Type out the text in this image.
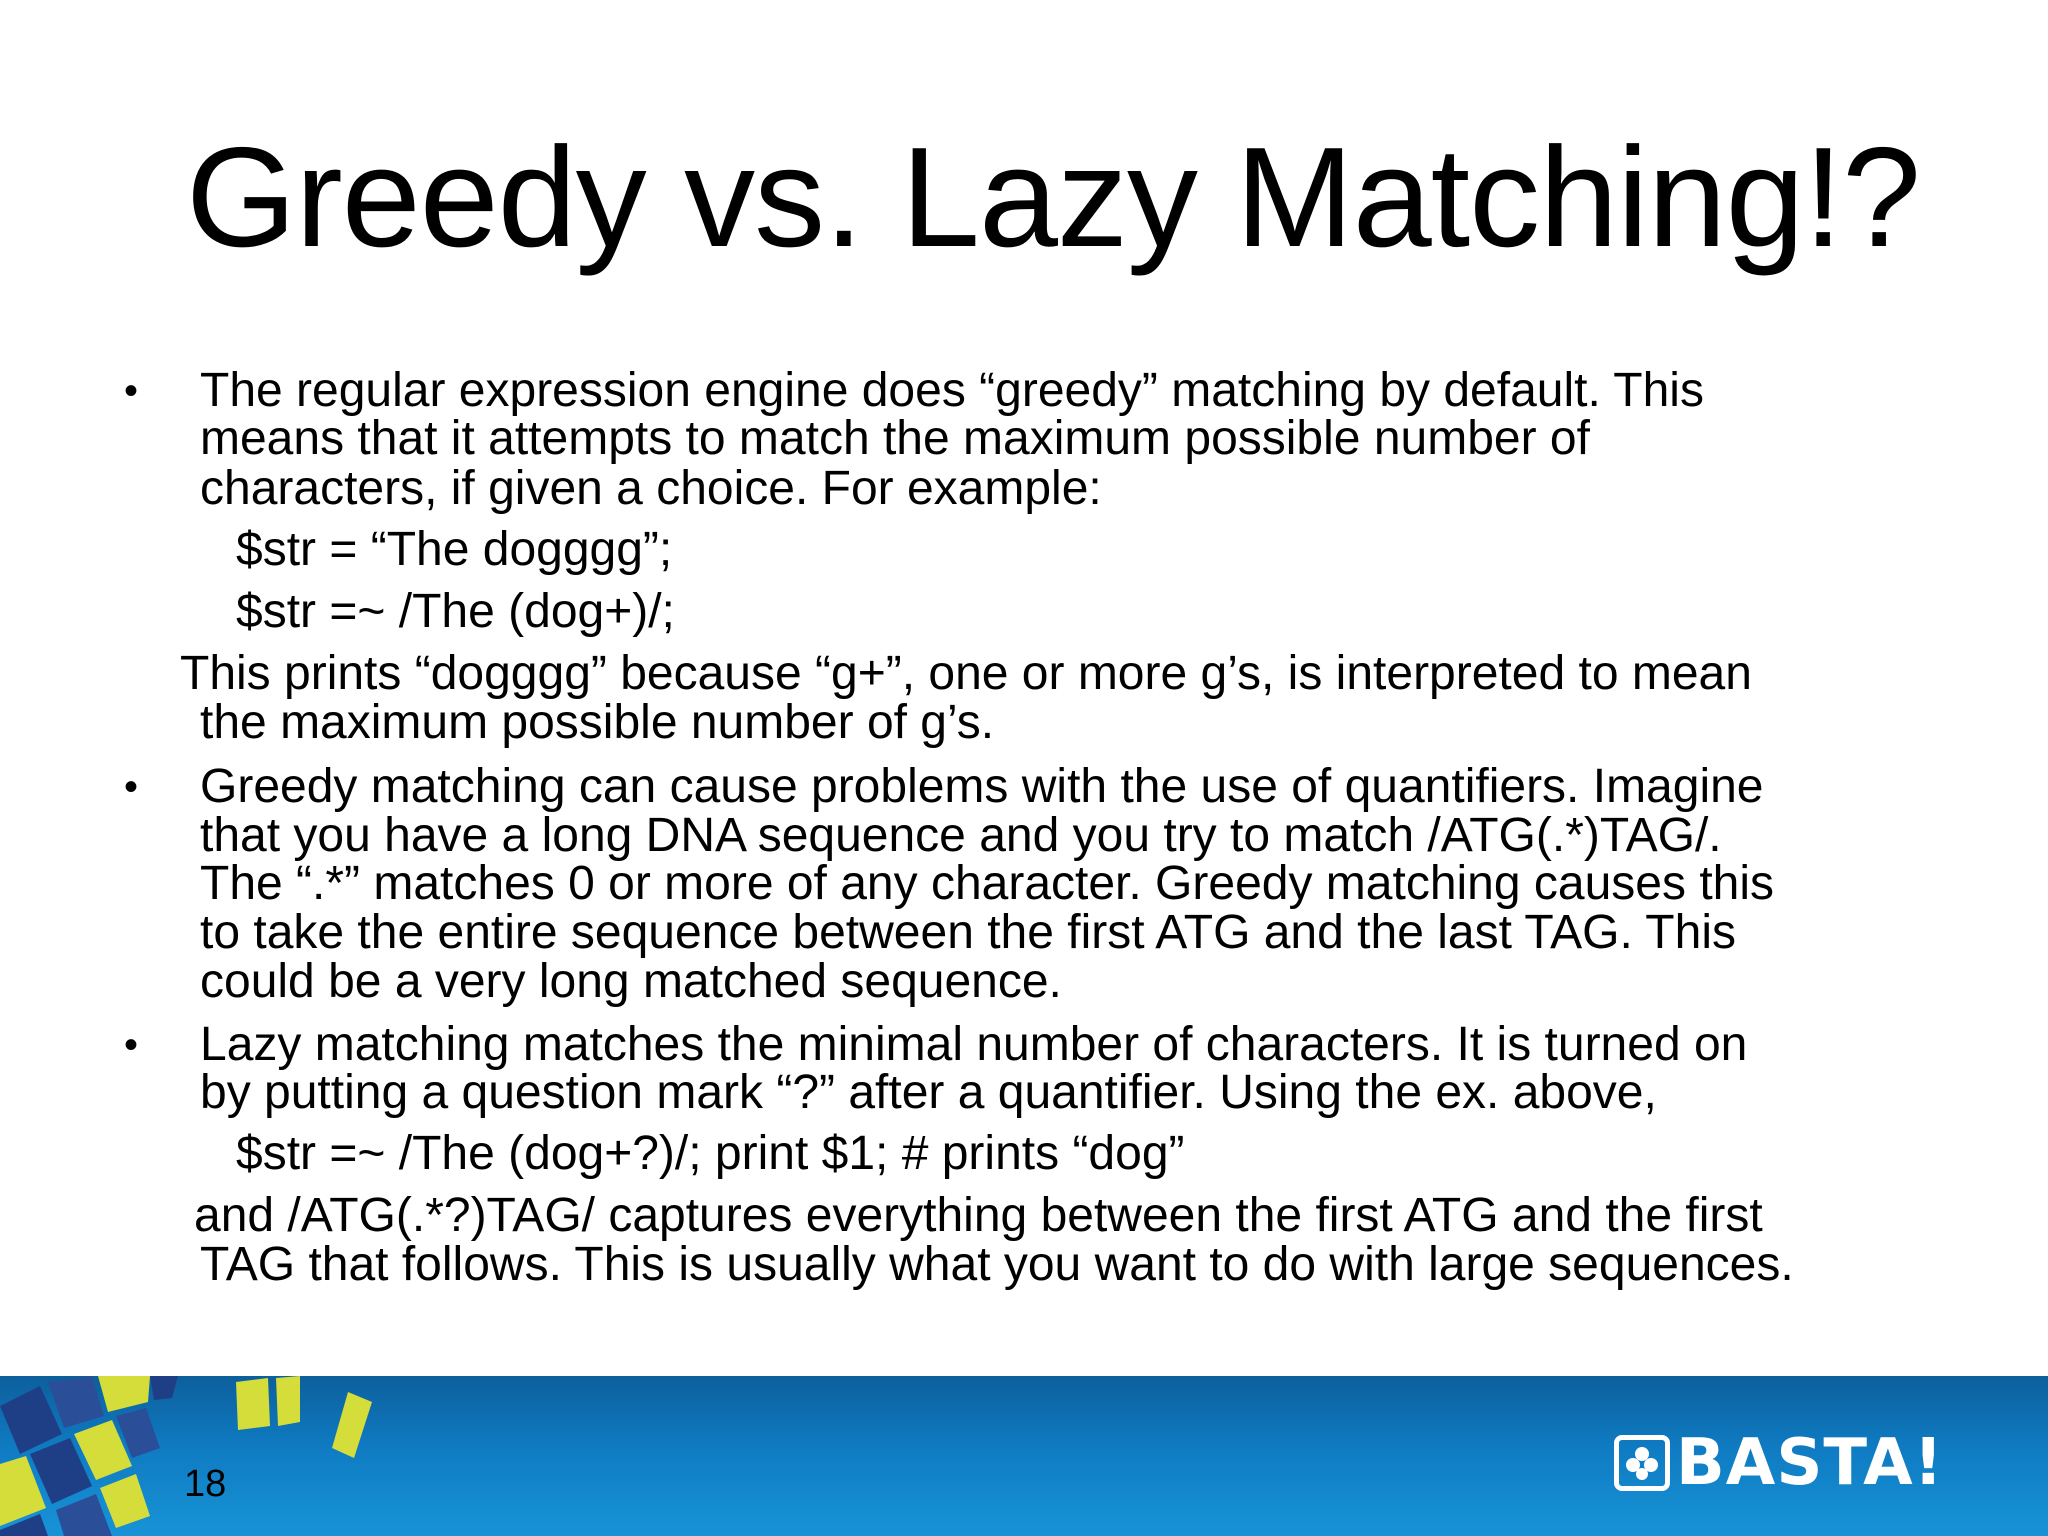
Greedy vs. Lazy Matching!?
• The regular expression engine does “greedy” matching by default. This
means that it attempts to match the maximum possible number of
characters, if given a choice. For example:
$str = “The dogggg”;
$str =~ /The (dog+)/;
This prints “dogggg” because “g+”, one or more g’s, is interpreted to mean
the maximum possible number of g’s.
• Greedy matching can cause problems with the use of quantifiers. Imagine
that you have a long DNA sequence and you try to match /ATG(.*)TAG/.
The “.*” matches 0 or more of any character. Greedy matching causes this
to take the entire sequence between the first ATG and the last TAG. This
could be a very long matched sequence.
• Lazy matching matches the minimal number of characters. It is turned on
by putting a question mark “?” after a quantifier. Using the ex. above,
$str =~ /The (dog+?)/; print $1; # prints “dog”
and /ATG(.*?)TAG/ captures everything between the first ATG and the first
TAG that follows. This is usually what you want to do with large sequences.
18	BASTA!
